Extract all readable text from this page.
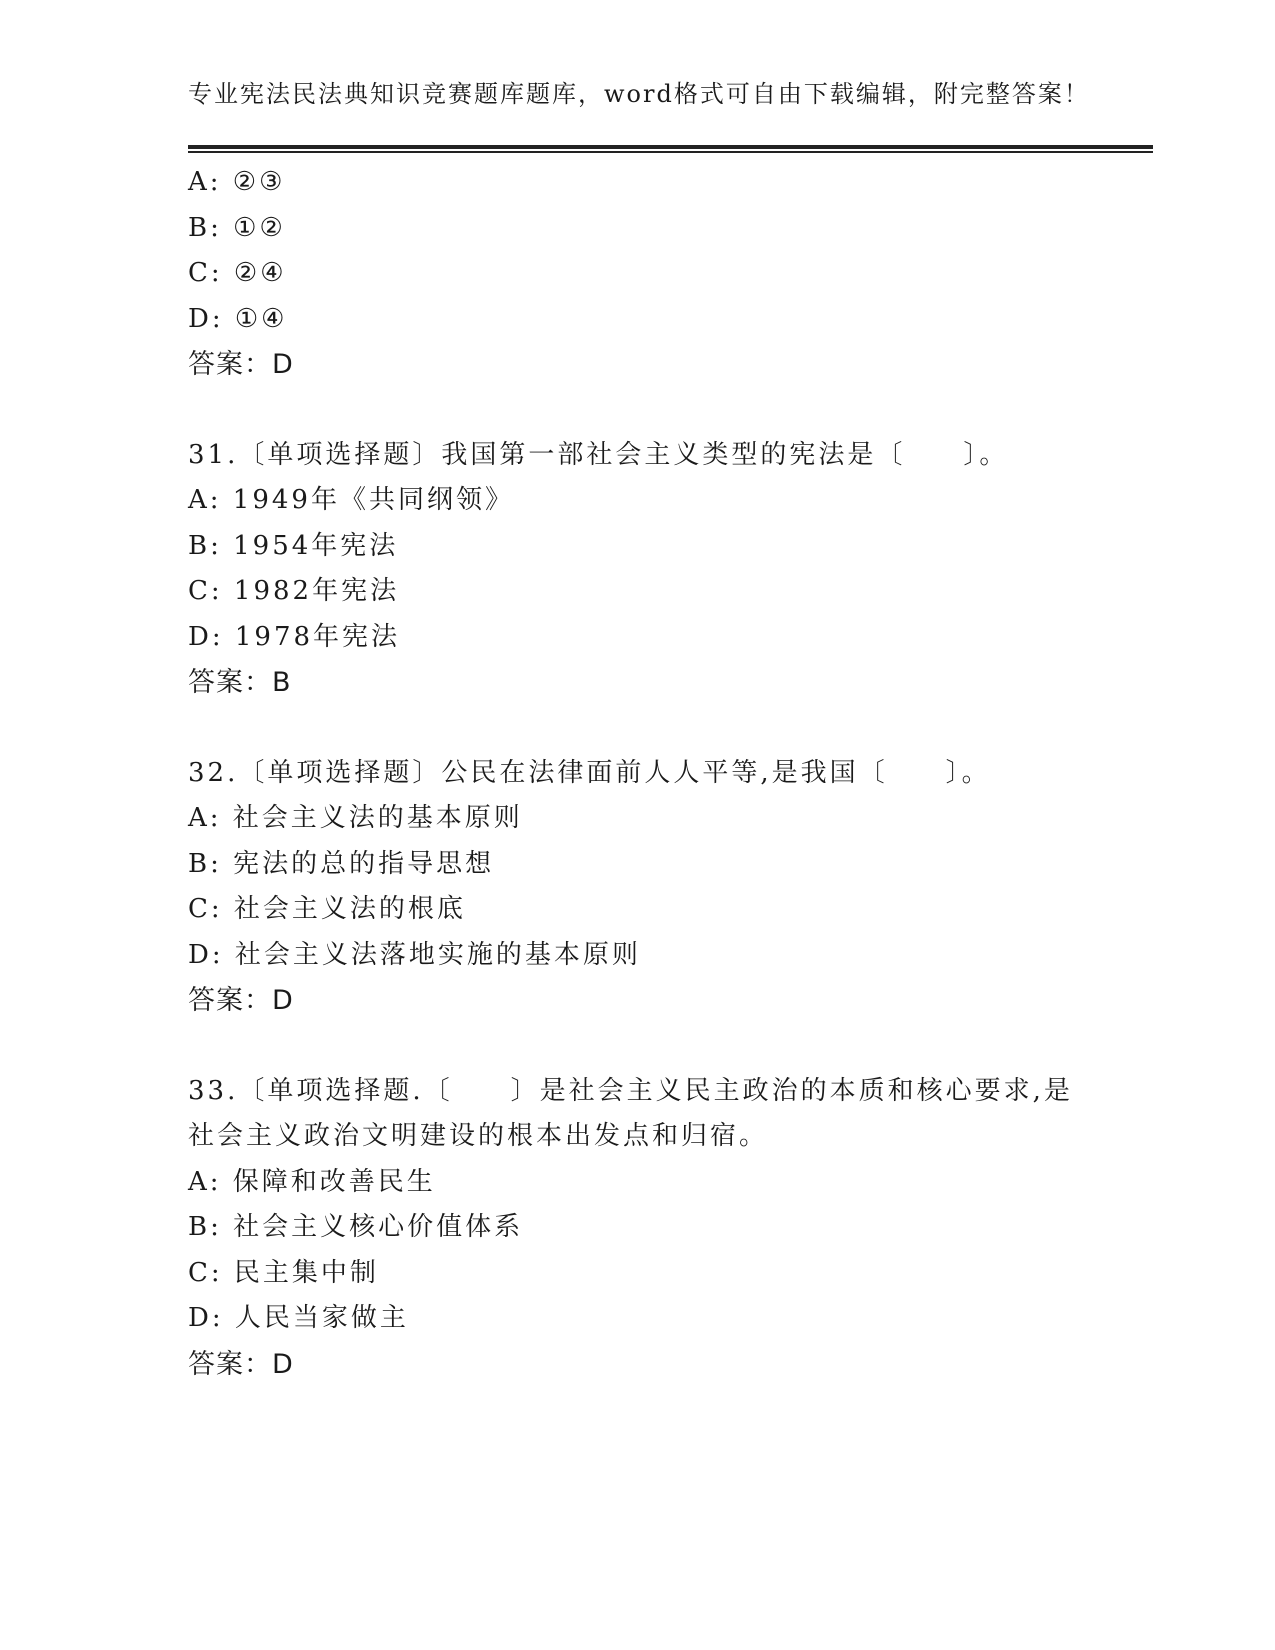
专业宪法民法典知识竞赛题库题库，word格式可自由下载编辑，附完整答案！
A: ②③
B: ①②
C: ②④
D: ①④
答案：D
31.〔单项选择题〕我国第一部社会主义类型的宪法是〔　　〕。
A: 1949年《共同纲领》
B: 1954年宪法
C: 1982年宪法
D: 1978年宪法
答案：B
32.〔单项选择题〕公民在法律面前人人平等,是我国〔　　〕。
A: 社会主义法的基本原则
B: 宪法的总的指导思想
C: 社会主义法的根底
D: 社会主义法落地实施的基本原则
答案：D
33.〔单项选择题.〔　　〕是社会主义民主政治的本质和核心要求,是
社会主义政治文明建设的根本出发点和归宿。
A: 保障和改善民生
B: 社会主义核心价值体系
C: 民主集中制
D: 人民当家做主
答案：D
